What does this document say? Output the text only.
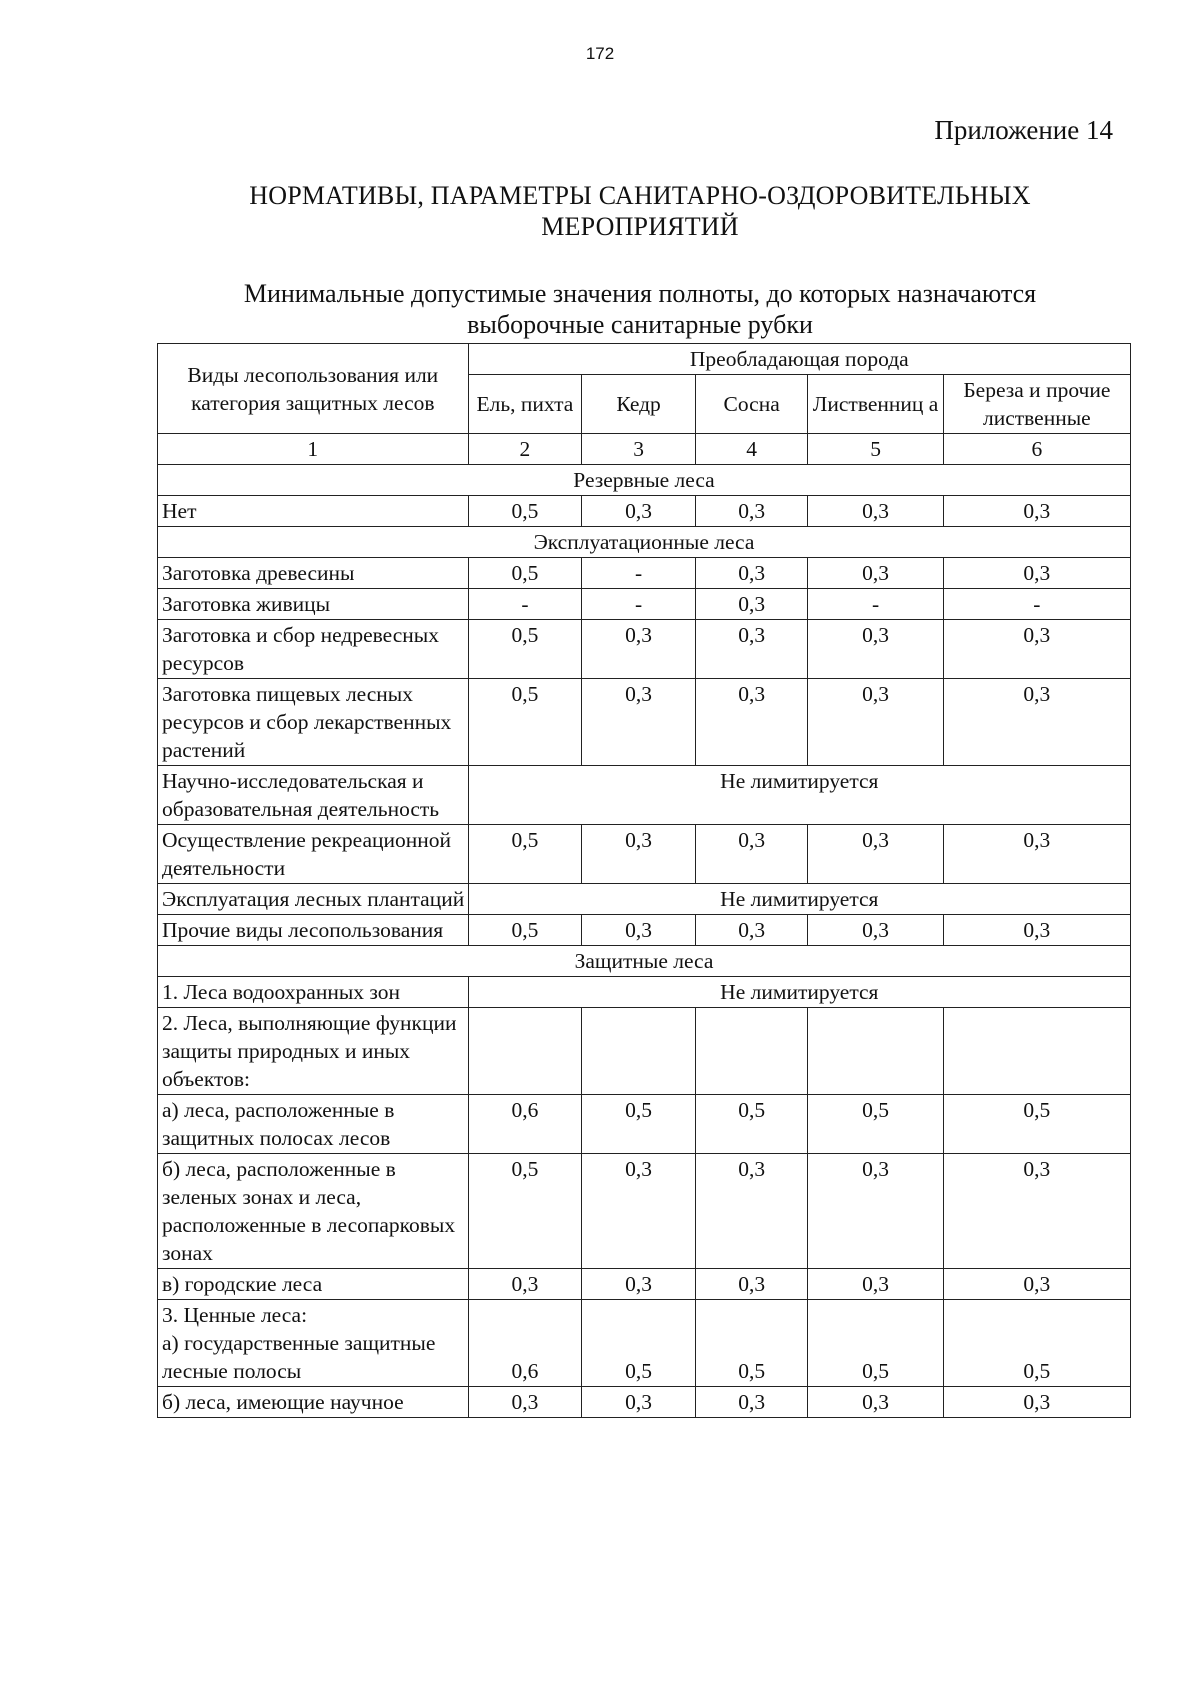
172
Приложение 14
НОРМАТИВЫ, ПАРАМЕТРЫ САНИТАРНО-ОЗДОРОВИТЕЛЬНЫХ
МЕРОПРИЯТИЙ
Минимальные допустимые значения полноты, до которых назначаются
выборочные санитарные рубки
Виды лесопользования или категория защитных лесов	Преобладающая порода				
	Ель, пихта	Кедр	Сосна	Лиственниц а	Береза и прочие лиственные
1	2	3	4	5	6
Резервные леса					
Нет	0,5	0,3	0,3	0,3	0,3
Эксплуатационные леса					
Заготовка древесины	0,5	-	0,3	0,3	0,3
Заготовка живицы	-	-	0,3	-	-
Заготовка и сбор недревесных ресурсов	0,5	0,3	0,3	0,3	0,3
Заготовка пищевых лесных ресурсов и сбор лекарственных растений	0,5	0,3	0,3	0,3	0,3
Научно-исследовательская и образовательная деятельность	Не лимитируется				
Осуществление рекреационной деятельности	0,5	0,3	0,3	0,3	0,3
Эксплуатация лесных плантаций	Не лимитируется				
Прочие виды лесопользования	0,5	0,3	0,3	0,3	0,3
Защитные леса					
1. Леса водоохранных зон	Не лимитируется				
2. Леса, выполняющие функции защиты природных и иных объектов:					
а) леса, расположенные в защитных полосах лесов	0,6	0,5	0,5	0,5	0,5
б) леса, расположенные в зеленых зонах и леса, расположенные в лесопарковых зонах	0,5	0,3	0,3	0,3	0,3
в) городские леса	0,3	0,3	0,3	0,3	0,3
3. Ценные леса:
а) государственные защитные лесные полосы	0,6	0,5	0,5	0,5	0,5
б) леса, имеющие научное	0,3	0,3	0,3	0,3	0,3
